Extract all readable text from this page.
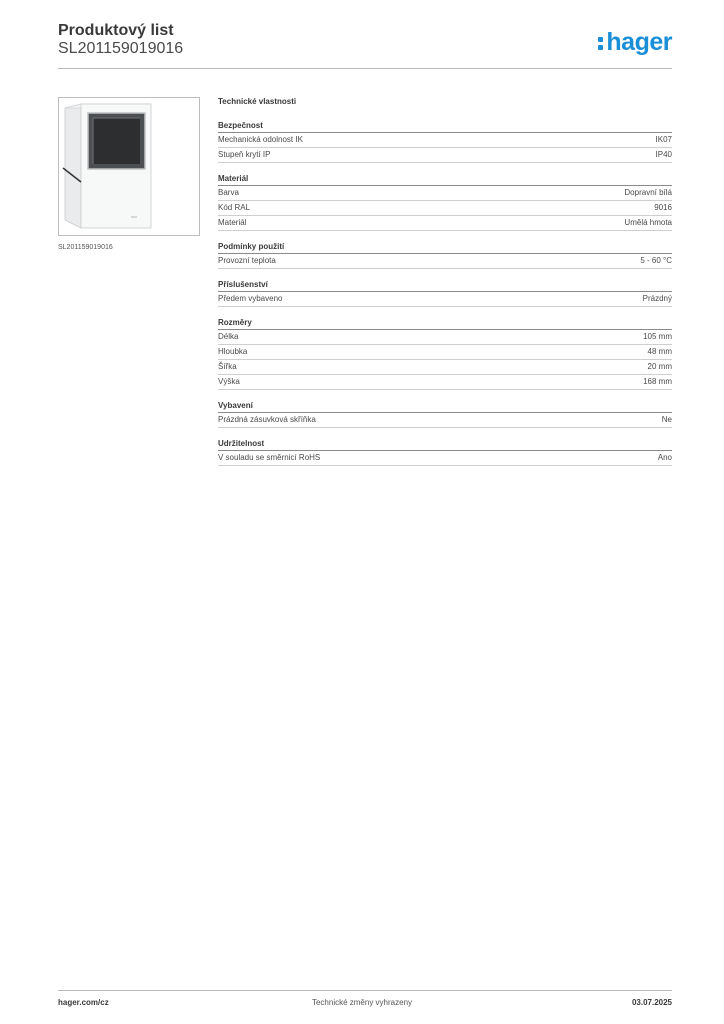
Produktový list
SL201159019016	hager
SL201159019016
Technické vlastnosti
Bezpečnost
Mechanická odolnost IK	IK07
Stupeň krytí IP	IP40
Materiál
Barva	Dopravní bílá
Kód RAL	9016
Materiál	Umělá hmota
Podmínky použití
Provozní teplota	5 - 60 °C
Příslušenství
Předem vybaveno	Prázdný
Rozměry
Délka	105 mm
Hloubka	48 mm
Šířka	20 mm
Výška	168 mm
Vybavení
Prázdná zásuvková skříňka	Ne
Udržitelnost
V souladu se směrnicí RoHS	Ano
hager.com/cz	Technické změny vyhrazeny	03.07.2025
